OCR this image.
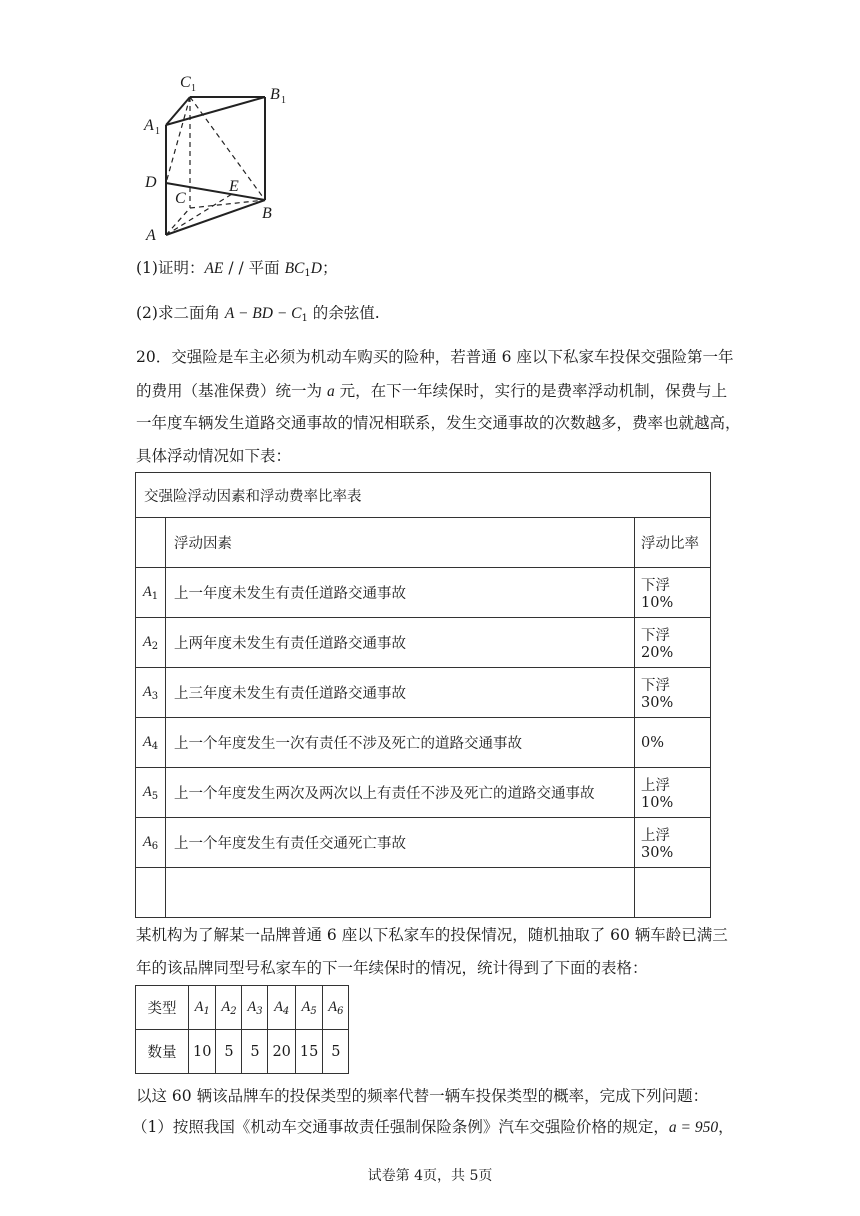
C 1	B 1
A 1
D	E
C
B
A
(1)证明：AE / / 平面 $BC_1D$；
(2)求二面角 A − BD − $C_1$ 的余弦值.
20．交强险是车主必须为机动车购买的险种，若普通 6 座以下私家车投保交强险第一年
的费用（基准保费）统一为 a 元，在下一年续保时，实行的是费率浮动机制，保费与上
一年度车辆发生道路交通事故的情况相联系，发生交通事故的次数越多，费率也就越高，
具体浮动情况如下表：
交强险浮动因素和浮动费率比率表		
	浮动因素	浮动比率
$A_1$	上一年度未发生有责任道路交通事故	下浮 10%
$A_2$	上两年度未发生有责任道路交通事故	下浮 20%
$A_3$	上三年度未发生有责任道路交通事故	下浮 30%
$A_4$	上一个年度发生一次有责任不涉及死亡的道路交通事故	0%
$A_5$	上一个年度发生两次及两次以上有责任不涉及死亡的道路交通事故	上浮 10%
$A_6$	上一个年度发生有责任交通死亡事故	上浮 30%

某机构为了解某一品牌普通 6 座以下私家车的投保情况，随机抽取了 60 辆车龄已满三
年的该品牌同型号私家车的下一年续保时的情况，统计得到了下面的表格：
类型	$A_1$	$A_2$	$A_3$	$A_4$	$A_5$	$A_6$
数量	10	5	5	20	15	5
以这 60 辆该品牌车的投保类型的频率代替一辆车投保类型的概率，完成下列问题：
（1）按照我国《机动车交通事故责任强制保险条例》汽车交强险价格的规定，a = 950，
试卷第 4页，共 5页
